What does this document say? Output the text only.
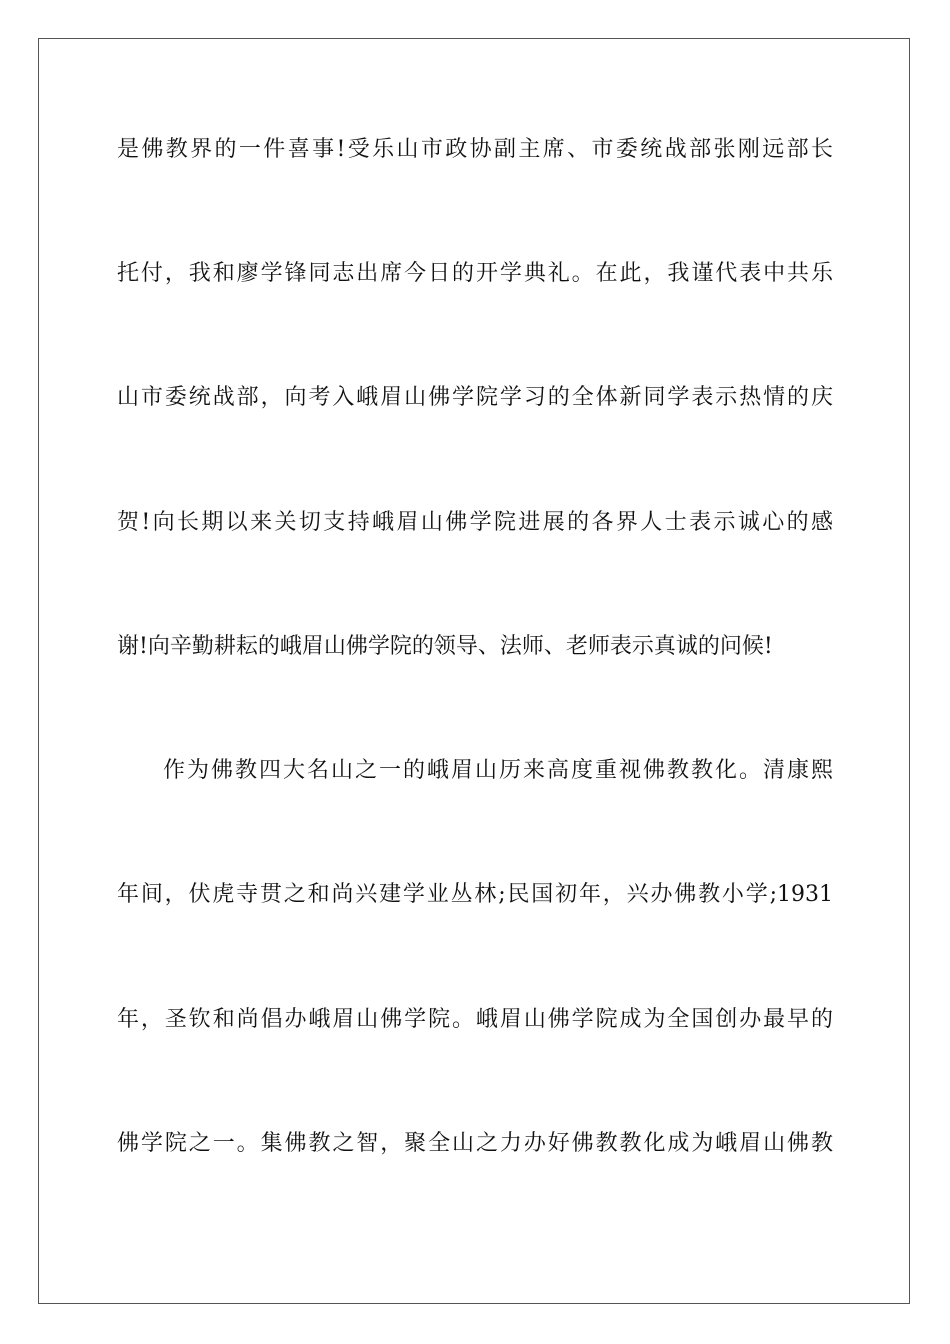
是佛教界的一件喜事!受乐山市政协副主席、市委统战部张刚远部长
托付，我和廖学锋同志出席今日的开学典礼。在此，我谨代表中共乐
山市委统战部，向考入峨眉山佛学院学习的全体新同学表示热情的庆
贺!向长期以来关切支持峨眉山佛学院进展的各界人士表示诚心的感
谢!向辛勤耕耘的峨眉山佛学院的领导、法师、老师表示真诚的问候!
作为佛教四大名山之一的峨眉山历来高度重视佛教教化。清康熙
年间，伏虎寺贯之和尚兴建学业丛林;民国初年，兴办佛教小学;1931
年，圣钦和尚倡办峨眉山佛学院。峨眉山佛学院成为全国创办最早的
佛学院之一。集佛教之智，聚全山之力办好佛教教化成为峨眉山佛教
